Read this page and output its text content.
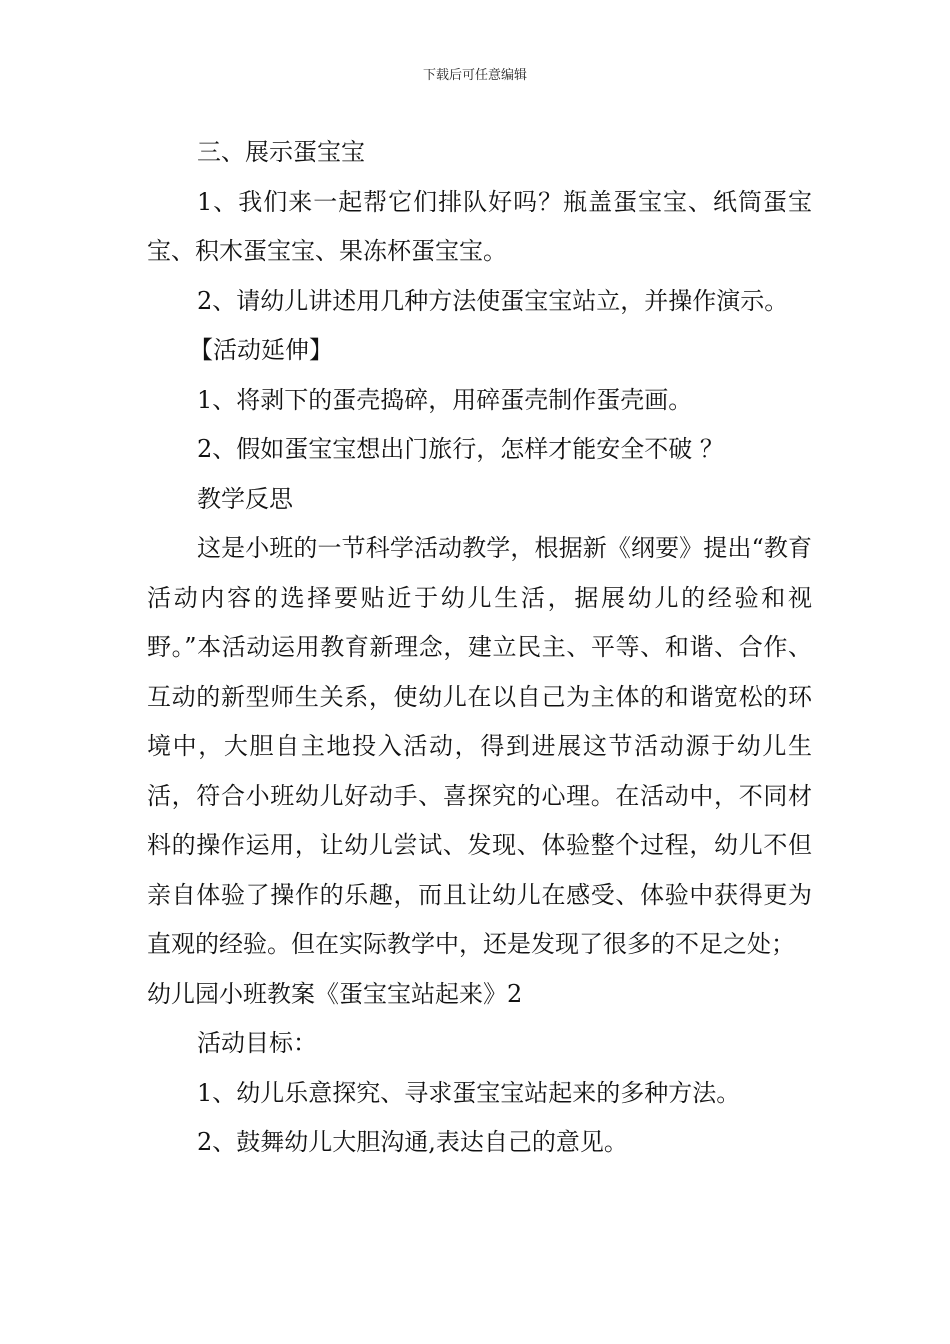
下载后可任意编辑

三、展示蛋宝宝

1、我们来一起帮它们排队好吗？瓶盖蛋宝宝、纸筒蛋宝宝、积木蛋宝宝、果冻杯蛋宝宝。

2、请幼儿讲述用几种方法使蛋宝宝站立，并操作演示。

【活动延伸】

1、将剥下的蛋壳捣碎，用碎蛋壳制作蛋壳画。

2、假如蛋宝宝想出门旅行，怎样才能安全不破 ？

教学反思

这是小班的一节科学活动教学，根据新《纲要》提出“教育活动内容的选择要贴近于幼儿生活，据展幼儿的经验和视野。”本活动运用教育新理念，建立民主、平等、和谐、合作、互动的新型师生关系，使幼儿在以自己为主体的和谐宽松的环境中，大胆自主地投入活动，得到进展这节活动源于幼儿生活，符合小班幼儿好动手、喜探究的心理。在活动中，不同材料的操作运用，让幼儿尝试、发现、体验整个过程，幼儿不但亲自体验了操作的乐趣，而且让幼儿在感受、体验中获得更为直观的经验。但在实际教学中，还是发现了很多的不足之处；

幼儿园小班教案《蛋宝宝站起来》2

活动目标：

1、幼儿乐意探究、寻求蛋宝宝站起来的多种方法。

2、鼓舞幼儿大胆沟通,表达自己的意见。
